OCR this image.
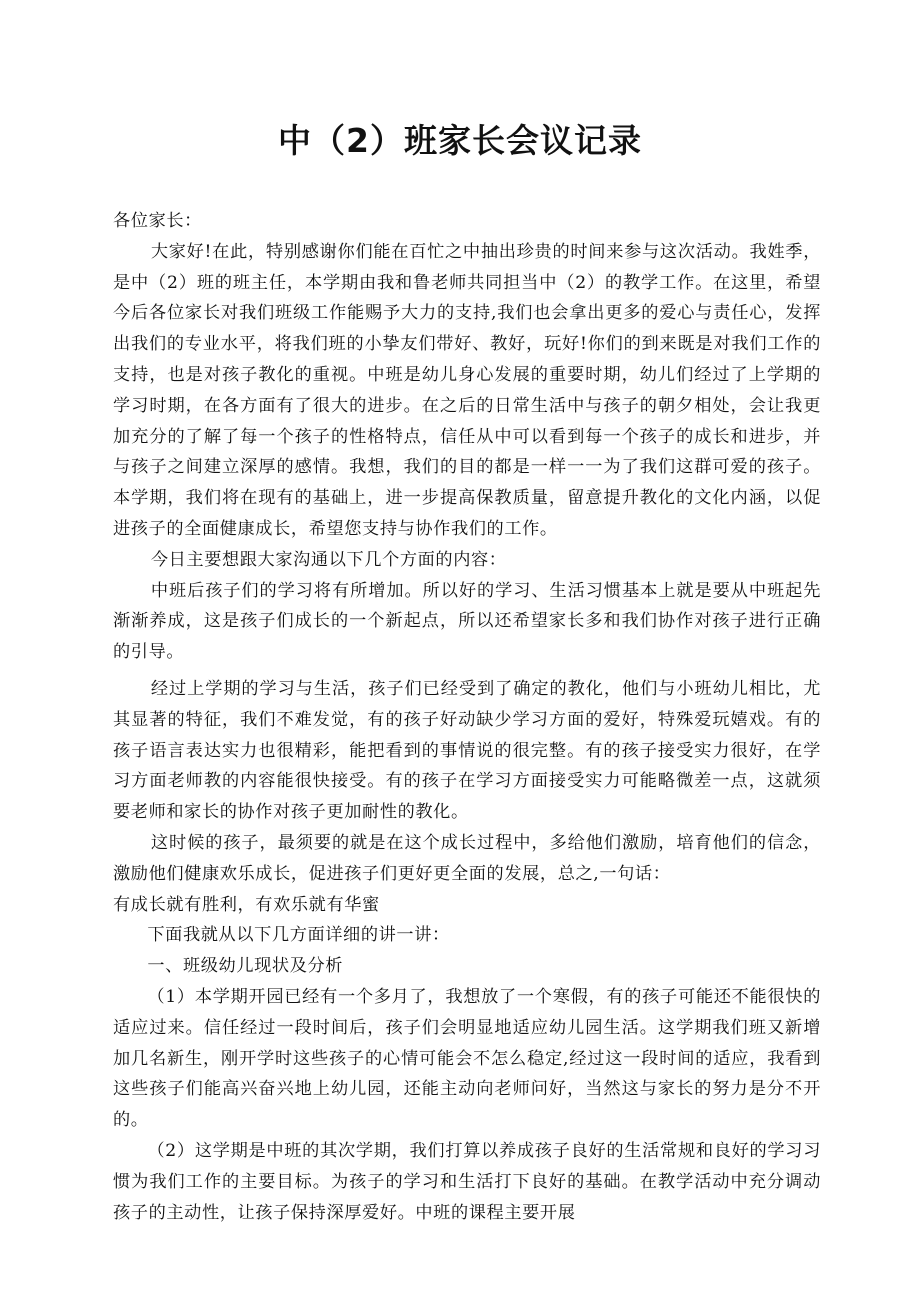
中（2）班家长会议记录

各位家长：

大家好!在此，特别感谢你们能在百忙之中抽出珍贵的时间来参与这次活动。我姓季，是中（2）班的班主任，本学期由我和鲁老师共同担当中（2）的教学工作。在这里，希望今后各位家长对我们班级工作能赐予大力的支持,我们也会拿出更多的爱心与责任心，发挥出我们的专业水平，将我们班的小挚友们带好、教好，玩好!你们的到来既是对我们工作的支持，也是对孩子教化的重视。中班是幼儿身心发展的重要时期，幼儿们经过了上学期的学习时期，在各方面有了很大的进步。在之后的日常生活中与孩子的朝夕相处，会让我更加充分的了解了每一个孩子的性格特点，信任从中可以看到每一个孩子的成长和进步，并与孩子之间建立深厚的感情。我想，我们的目的都是一样一一为了我们这群可爱的孩子。本学期，我们将在现有的基础上，进一步提高保教质量，留意提升教化的文化内涵，以促进孩子的全面健康成长，希望您支持与协作我们的工作。

今日主要想跟大家沟通以下几个方面的内容：

中班后孩子们的学习将有所增加。所以好的学习、生活习惯基本上就是要从中班起先渐渐养成，这是孩子们成长的一个新起点，所以还希望家长多和我们协作对孩子进行正确的引导。

经过上学期的学习与生活，孩子们已经受到了确定的教化，他们与小班幼儿相比，尤其显著的特征，我们不难发觉，有的孩子好动缺少学习方面的爱好，特殊爱玩嬉戏。有的孩子语言表达实力也很精彩，能把看到的事情说的很完整。有的孩子接受实力很好，在学习方面老师教的内容能很快接受。有的孩子在学习方面接受实力可能略微差一点，这就须要老师和家长的协作对孩子更加耐性的教化。

这时候的孩子，最须要的就是在这个成长过程中，多给他们激励，培育他们的信念，激励他们健康欢乐成长，促进孩子们更好更全面的发展，总之,一句话：

有成长就有胜利，有欢乐就有华蜜

下面我就从以下几方面详细的讲一讲：

一、班级幼儿现状及分析

（1）本学期开园已经有一个多月了，我想放了一个寒假，有的孩子可能还不能很快的适应过来。信任经过一段时间后，孩子们会明显地适应幼儿园生活。这学期我们班又新增加几名新生，刚开学时这些孩子的心情可能会不怎么稳定,经过这一段时间的适应，我看到这些孩子们能高兴奋兴地上幼儿园，还能主动向老师问好，当然这与家长的努力是分不开的。

（2）这学期是中班的其次学期，我们打算以养成孩子良好的生活常规和良好的学习习惯为我们工作的主要目标。为孩子的学习和生活打下良好的基础。在教学活动中充分调动孩子的主动性，让孩子保持深厚爱好。中班的课程主要开展
